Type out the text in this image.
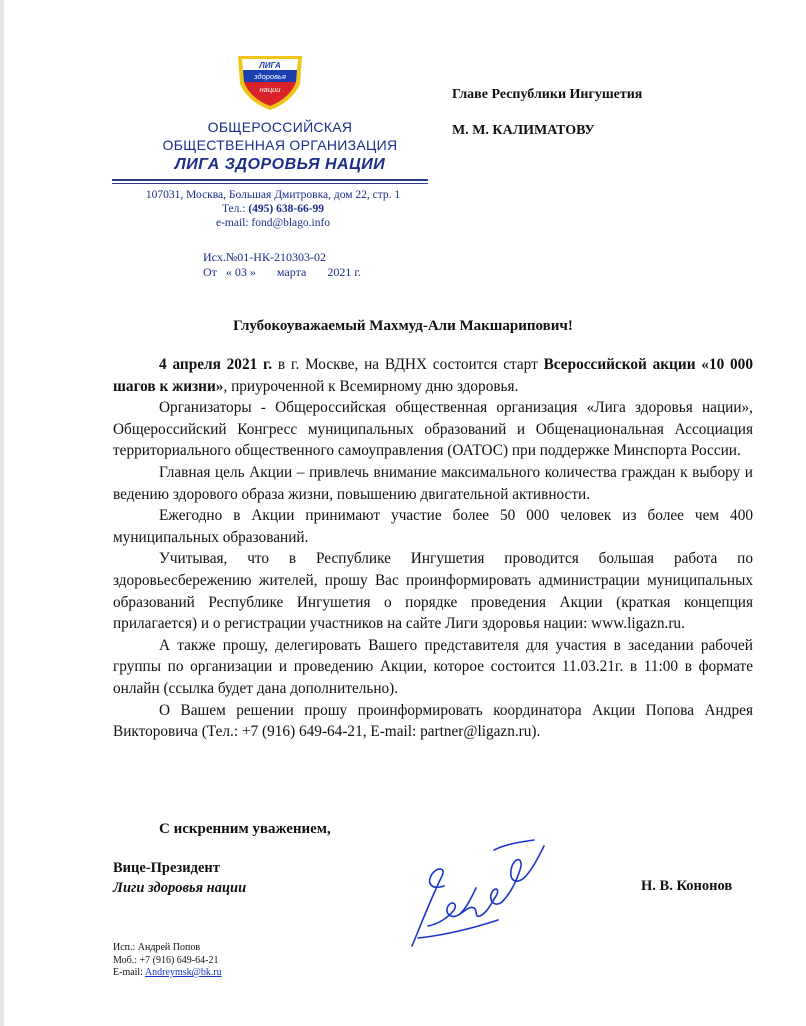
ЛИГА
здоровья
нации
ОБЩЕРОССИЙСКАЯ
ОБЩЕСТВЕННАЯ ОРГАНИЗАЦИЯ
ЛИГА ЗДОРОВЬЯ НАЦИИ
107031, Москва, Большая Дмитровка, дом 22, стр. 1
Тел.: (495) 638-66-99
e-mail: fond@blago.info
Исх.№01-НК-210303-02
От « 03 » марта 2021 г.
Главе Республики Ингушетия
М. М. КАЛИМАТОВУ
Глубокоуважаемый Махмуд-Али Макшарипович!

4 апреля 2021 г. в г. Москве, на ВДНХ состоится старт Всероссийской акции «10 000 шагов к жизни», приуроченной к Всемирному дню здоровья.

Организаторы - Общероссийская общественная организация «Лига здоровья нации», Общероссийский Конгресс муниципальных образований и Общенациональная Ассоциация территориального общественного самоуправления (ОАТОС) при поддержке Минспорта России.

Главная цель Акции – привлечь внимание максимального количества граждан к выбору и ведению здорового образа жизни, повышению двигательной активности.

Ежегодно в Акции принимают участие более 50 000 человек из более чем 400 муниципальных образований.

Учитывая, что в Республике Ингушетия проводится большая работа по здоровьесбережению жителей, прошу Вас проинформировать администрации муниципальных образований Республике Ингушетия о порядке проведения Акции (краткая концепция прилагается) и о регистрации участников на сайте Лиги здоровья нации: www.ligazn.ru.

А также прошу, делегировать Вашего представителя для участия в заседании рабочей группы по организации и проведению Акции, которое состоится 11.03.21г. в 11:00 в формате онлайн (ссылка будет дана дополнительно).

О Вашем решении прошу проинформировать координатора Акции Попова Андрея Викторовича (Тел.: +7 (916) 649-64-21, E-mail: partner@ligazn.ru).

С искренним уважением,
Вице-Президент
Лиги здоровья нации	Н. В. Кононов
Исп.: Андрей Попов
Моб.: +7 (916) 649-64-21
E-mail: Andreymsk@bk.ru
